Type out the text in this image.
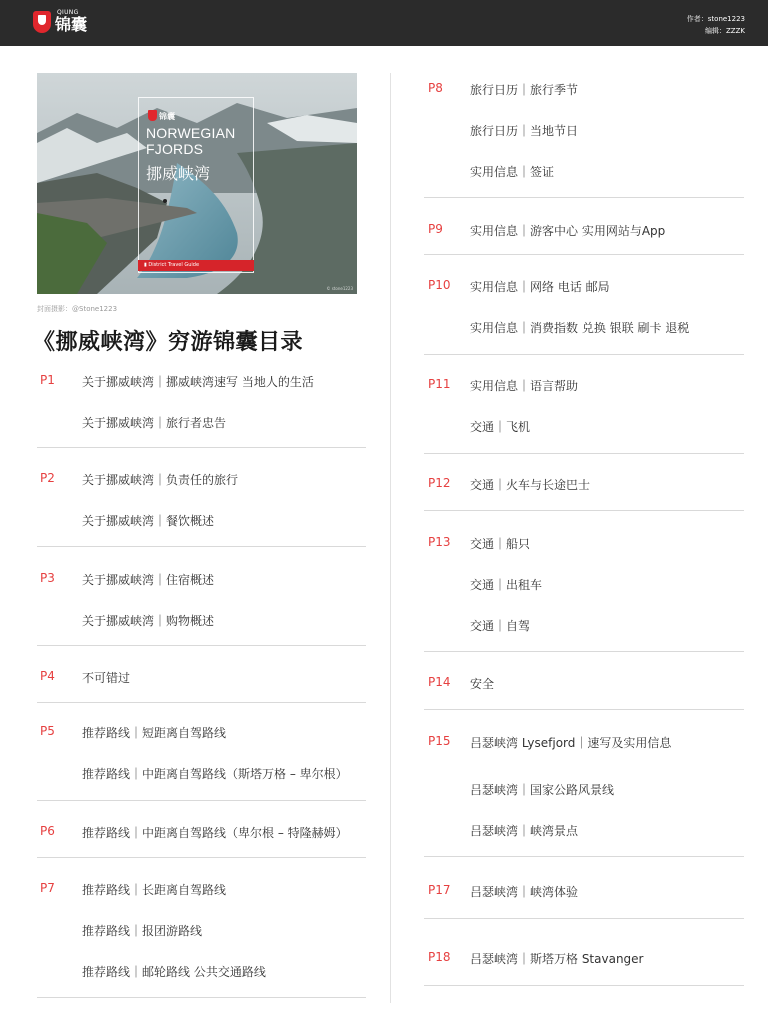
QIUNG
锦囊	作者：stone1223
编辑：ZZZK
锦囊
NORWEGIAN
FJORDS
挪威峡湾
▮ District Travel Guide
© stone1223
封面摄影：@Stone1223
《挪威峡湾》穷游锦囊目录
P1 关于挪威峡湾｜挪威峡湾速写 当地人的生活
关于挪威峡湾｜旅行者忠告
P2 关于挪威峡湾｜负责任的旅行
关于挪威峡湾｜餐饮概述
P3 关于挪威峡湾｜住宿概述
关于挪威峡湾｜购物概述
P4 不可错过
P5 推荐路线｜短距离自驾路线
推荐路线｜中距离自驾路线（斯塔万格 – 卑尔根）
P6 推荐路线｜中距离自驾路线（卑尔根 – 特隆赫姆）
P7 推荐路线｜长距离自驾路线
推荐路线｜报团游路线
推荐路线｜邮轮路线 公共交通路线
P8 旅行日历｜旅行季节
旅行日历｜当地节日
实用信息｜签证
P9 实用信息｜游客中心 实用网站与App
P10 实用信息｜网络 电话 邮局
实用信息｜消费指数 兑换 银联 刷卡 退税
P11 实用信息｜语言帮助
交通｜飞机
P12 交通｜火车与长途巴士
P13 交通｜船只
交通｜出租车
交通｜自驾
P14 安全
P15 吕瑟峡湾 Lysefjord｜速写及实用信息
吕瑟峡湾｜国家公路风景线
吕瑟峡湾｜峡湾景点
P17 吕瑟峡湾｜峡湾体验
P18 吕瑟峡湾｜斯塔万格 Stavanger
